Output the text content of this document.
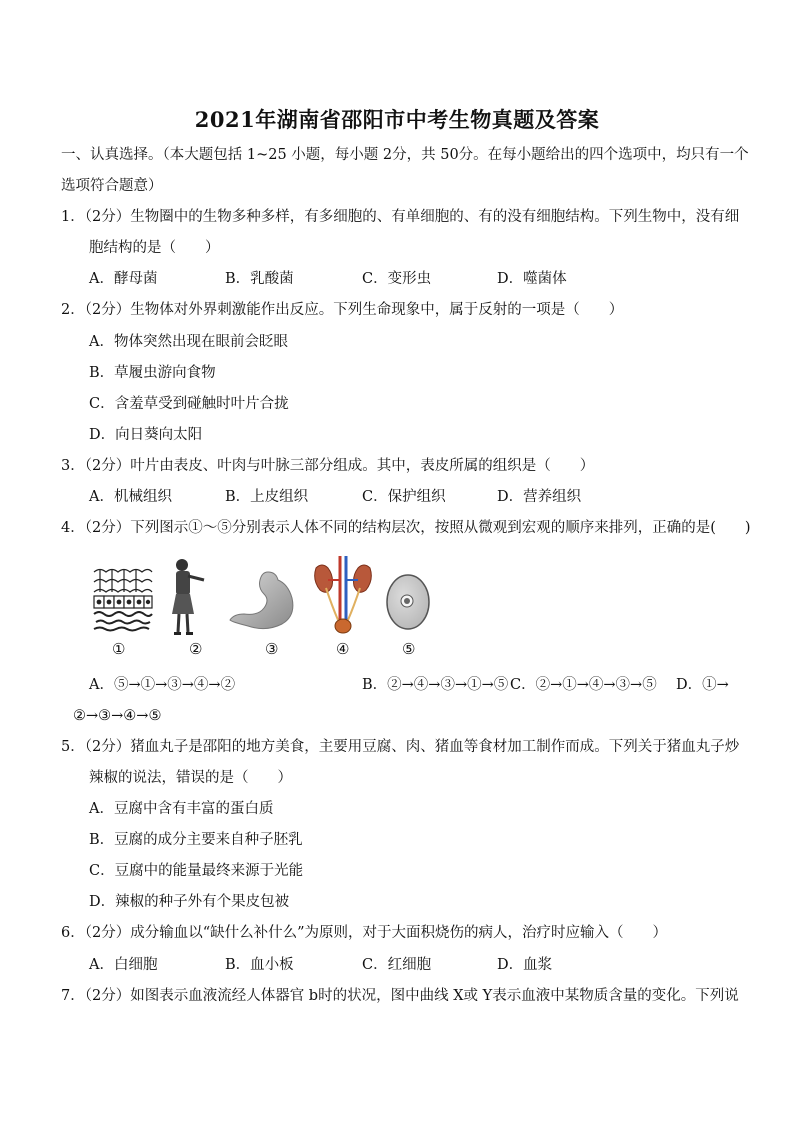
2021年湖南省邵阳市中考生物真题及答案
一、认真选择。（本大题包括 1~25 小题，每小题 2分，共 50分。在每小题给出的四个选项中，均只有一个
选项符合题意）
1．（2分）生物圈中的生物多种多样，有多细胞的、有单细胞的、有的没有细胞结构。下列生物中，没有细
胞结构的是（　　）
A．酵母菌	B．乳酸菌	C．变形虫	D．噬菌体
2．（2分）生物体对外界刺激能作出反应。下列生命现象中，属于反射的一项是（　　）
A．物体突然出现在眼前会眨眼
B．草履虫游向食物
C．含羞草受到碰触时叶片合拢
D．向日葵向太阳
3．（2分）叶片由表皮、叶肉与叶脉三部分组成。其中，表皮所属的组织是（　　）
A．机械组织	B．上皮组织	C．保护组织	D．营养组织
4．（2分）下列图示①～⑤分别表示人体不同的结构层次，按照从微观到宏观的顺序来排列，正确的是(　　)
①	②	③	④	⑤
A．⑤→①→③→④→②	B．②→④→③→①→⑤ C．②→①→④→③→⑤ D．①→
②→③→④→⑤
5．（2分）猪血丸子是邵阳的地方美食，主要用豆腐、肉、猪血等食材加工制作而成。下列关于猪血丸子炒
辣椒的说法，错误的是（　　）
A．豆腐中含有丰富的蛋白质
B．豆腐的成分主要来自种子胚乳
C．豆腐中的能量最终来源于光能
D．辣椒的种子外有个果皮包被
6．（2分）成分输血以“缺什么补什么”为原则，对于大面积烧伤的病人，治疗时应输入（　　）
A．白细胞	B．血小板	C．红细胞	D．血浆
7．（2分）如图表示血液流经人体器官 b时的状况，图中曲线 X或 Y表示血液中某物质含量的变化。下列说
